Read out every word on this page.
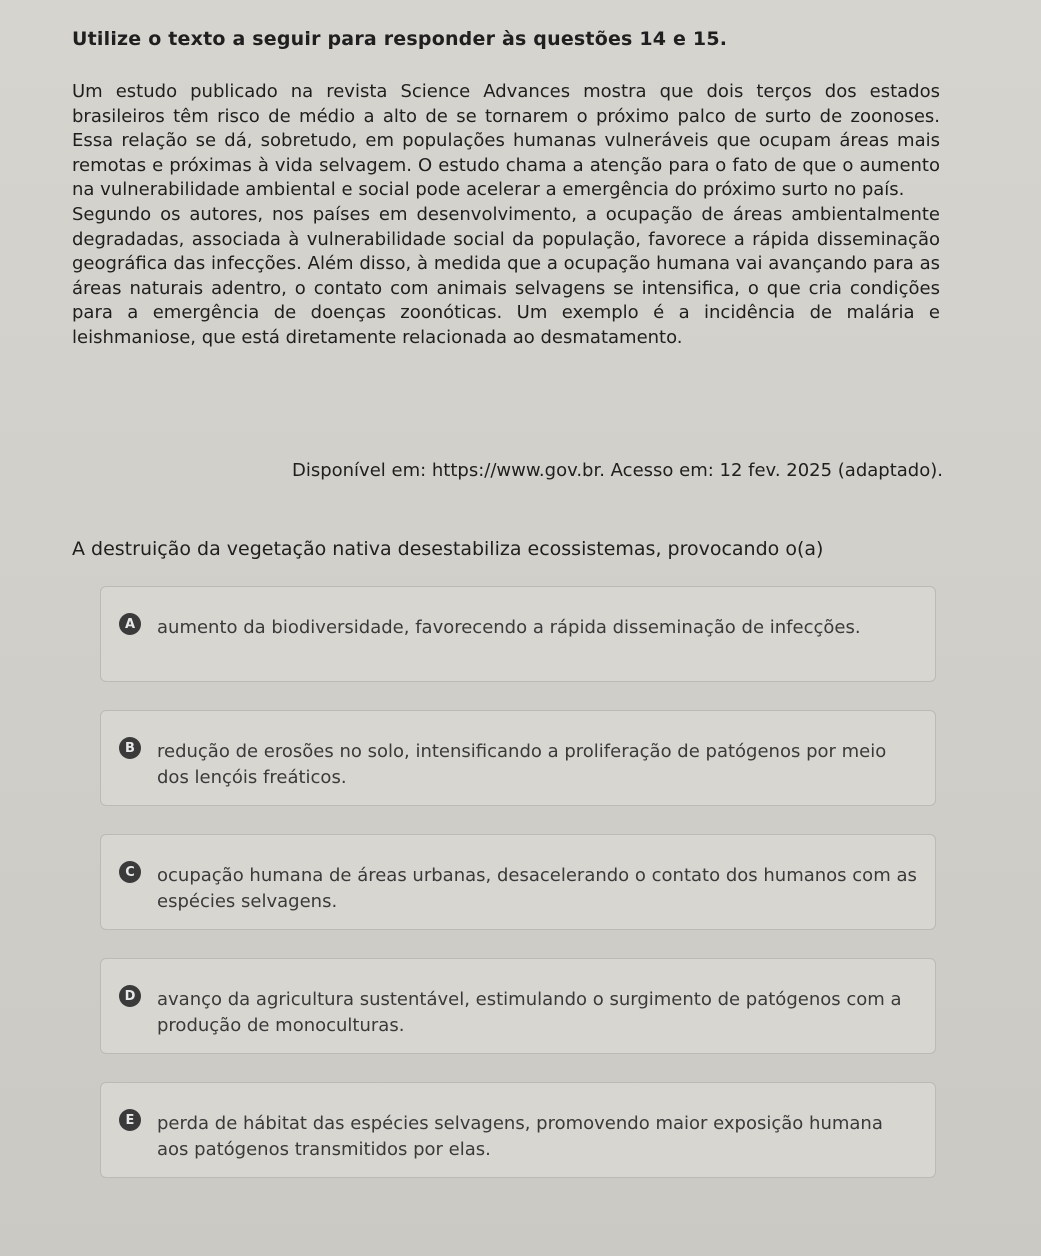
Utilize o texto a seguir para responder às questões 14 e 15.

Um estudo publicado na revista Science Advances mostra que dois terços dos estados brasileiros têm risco de médio a alto de se tornarem o próximo palco de surto de zoonoses. Essa relação se dá, sobretudo, em populações humanas vulneráveis que ocupam áreas mais remotas e próximas à vida selvagem. O estudo chama a atenção para o fato de que o aumento na vulnerabilidade ambiental e social pode acelerar a emergência do próximo surto no país.

Segundo os autores, nos países em desenvolvimento, a ocupação de áreas ambientalmente degradadas, associada à vulnerabilidade social da população, favorece a rápida disseminação geográfica das infecções. Além disso, à medida que a ocupação humana vai avançando para as áreas naturais adentro, o contato com animais selvagens se intensifica, o que cria condições para a emergência de doenças zoonóticas. Um exemplo é a incidência de malária e leishmaniose, que está diretamente relacionada ao desmatamento.

Disponível em: https://www.gov.br. Acesso em: 12 fev. 2025 (adaptado).
A destruição da vegetação nativa desestabiliza ecossistemas, provocando o(a)
A	aumento da biodiversidade, favorecendo a rápida disseminação de infecções.
B	redução de erosões no solo, intensificando a proliferação de patógenos por meio dos lençóis freáticos.
C	ocupação humana de áreas urbanas, desacelerando o contato dos humanos com as espécies selvagens.
D	avanço da agricultura sustentável, estimulando o surgimento de patógenos com a produção de monoculturas.
E	perda de hábitat das espécies selvagens, promovendo maior exposição humana aos patógenos transmitidos por elas.
